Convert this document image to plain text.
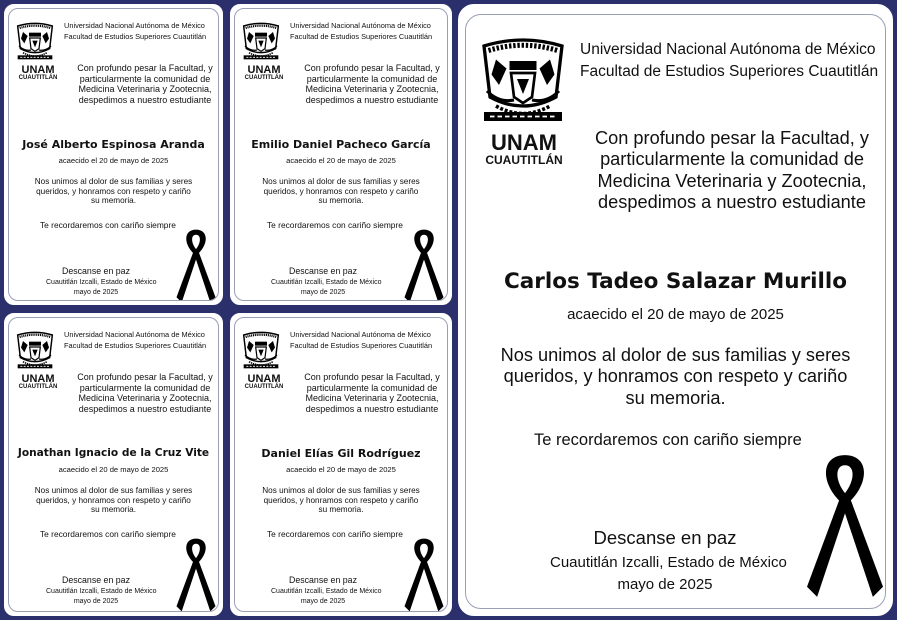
UNAM
CUAUTITLÁN
Universidad Nacional Autónoma de México
Facultad de Estudios Superiores Cuautitlán
Con profundo pesar la Facultad, y
particularmente la comunidad de
Medicina Veterinaria y Zootecnia,
despedimos a nuestro estudiante
José Alberto Espinosa Aranda
acaecido el 20 de mayo de 2025
Nos unimos al dolor de sus familias y seres
queridos, y honramos con respeto y cariño
su memoria.
Te recordaremos con cariño siempre
Descanse en paz
Cuautitlán Izcalli, Estado de México
mayo de 2025
UNAM
CUAUTITLÁN
Universidad Nacional Autónoma de México
Facultad de Estudios Superiores Cuautitlán
Con profundo pesar la Facultad, y
particularmente la comunidad de
Medicina Veterinaria y Zootecnia,
despedimos a nuestro estudiante
Emilio Daniel Pacheco García
acaecido el 20 de mayo de 2025
Nos unimos al dolor de sus familias y seres
queridos, y honramos con respeto y cariño
su memoria.
Te recordaremos con cariño siempre
Descanse en paz
Cuautitlán Izcalli, Estado de México
mayo de 2025
UNAM
CUAUTITLÁN
Universidad Nacional Autónoma de México
Facultad de Estudios Superiores Cuautitlán
Con profundo pesar la Facultad, y
particularmente la comunidad de
Medicina Veterinaria y Zootecnia,
despedimos a nuestro estudiante
Jonathan Ignacio de la Cruz Vite
acaecido el 20 de mayo de 2025
Nos unimos al dolor de sus familias y seres
queridos, y honramos con respeto y cariño
su memoria.
Te recordaremos con cariño siempre
Descanse en paz
Cuautitlán Izcalli, Estado de México
mayo de 2025
UNAM
CUAUTITLÁN
Universidad Nacional Autónoma de México
Facultad de Estudios Superiores Cuautitlán
Con profundo pesar la Facultad, y
particularmente la comunidad de
Medicina Veterinaria y Zootecnia,
despedimos a nuestro estudiante
Daniel Elías Gil Rodríguez
acaecido el 20 de mayo de 2025
Nos unimos al dolor de sus familias y seres
queridos, y honramos con respeto y cariño
su memoria.
Te recordaremos con cariño siempre
Descanse en paz
Cuautitlán Izcalli, Estado de México
mayo de 2025
UNAM
CUAUTITLÁN
Universidad Nacional Autónoma de México
Facultad de Estudios Superiores Cuautitlán
Con profundo pesar la Facultad, y
particularmente la comunidad de
Medicina Veterinaria y Zootecnia,
despedimos a nuestro estudiante
Carlos Tadeo Salazar Murillo
acaecido el 20 de mayo de 2025
Nos unimos al dolor de sus familias y seres
queridos, y honramos con respeto y cariño
su memoria.
Te recordaremos con cariño siempre
Descanse en paz
Cuautitlán Izcalli, Estado de México
mayo de 2025
